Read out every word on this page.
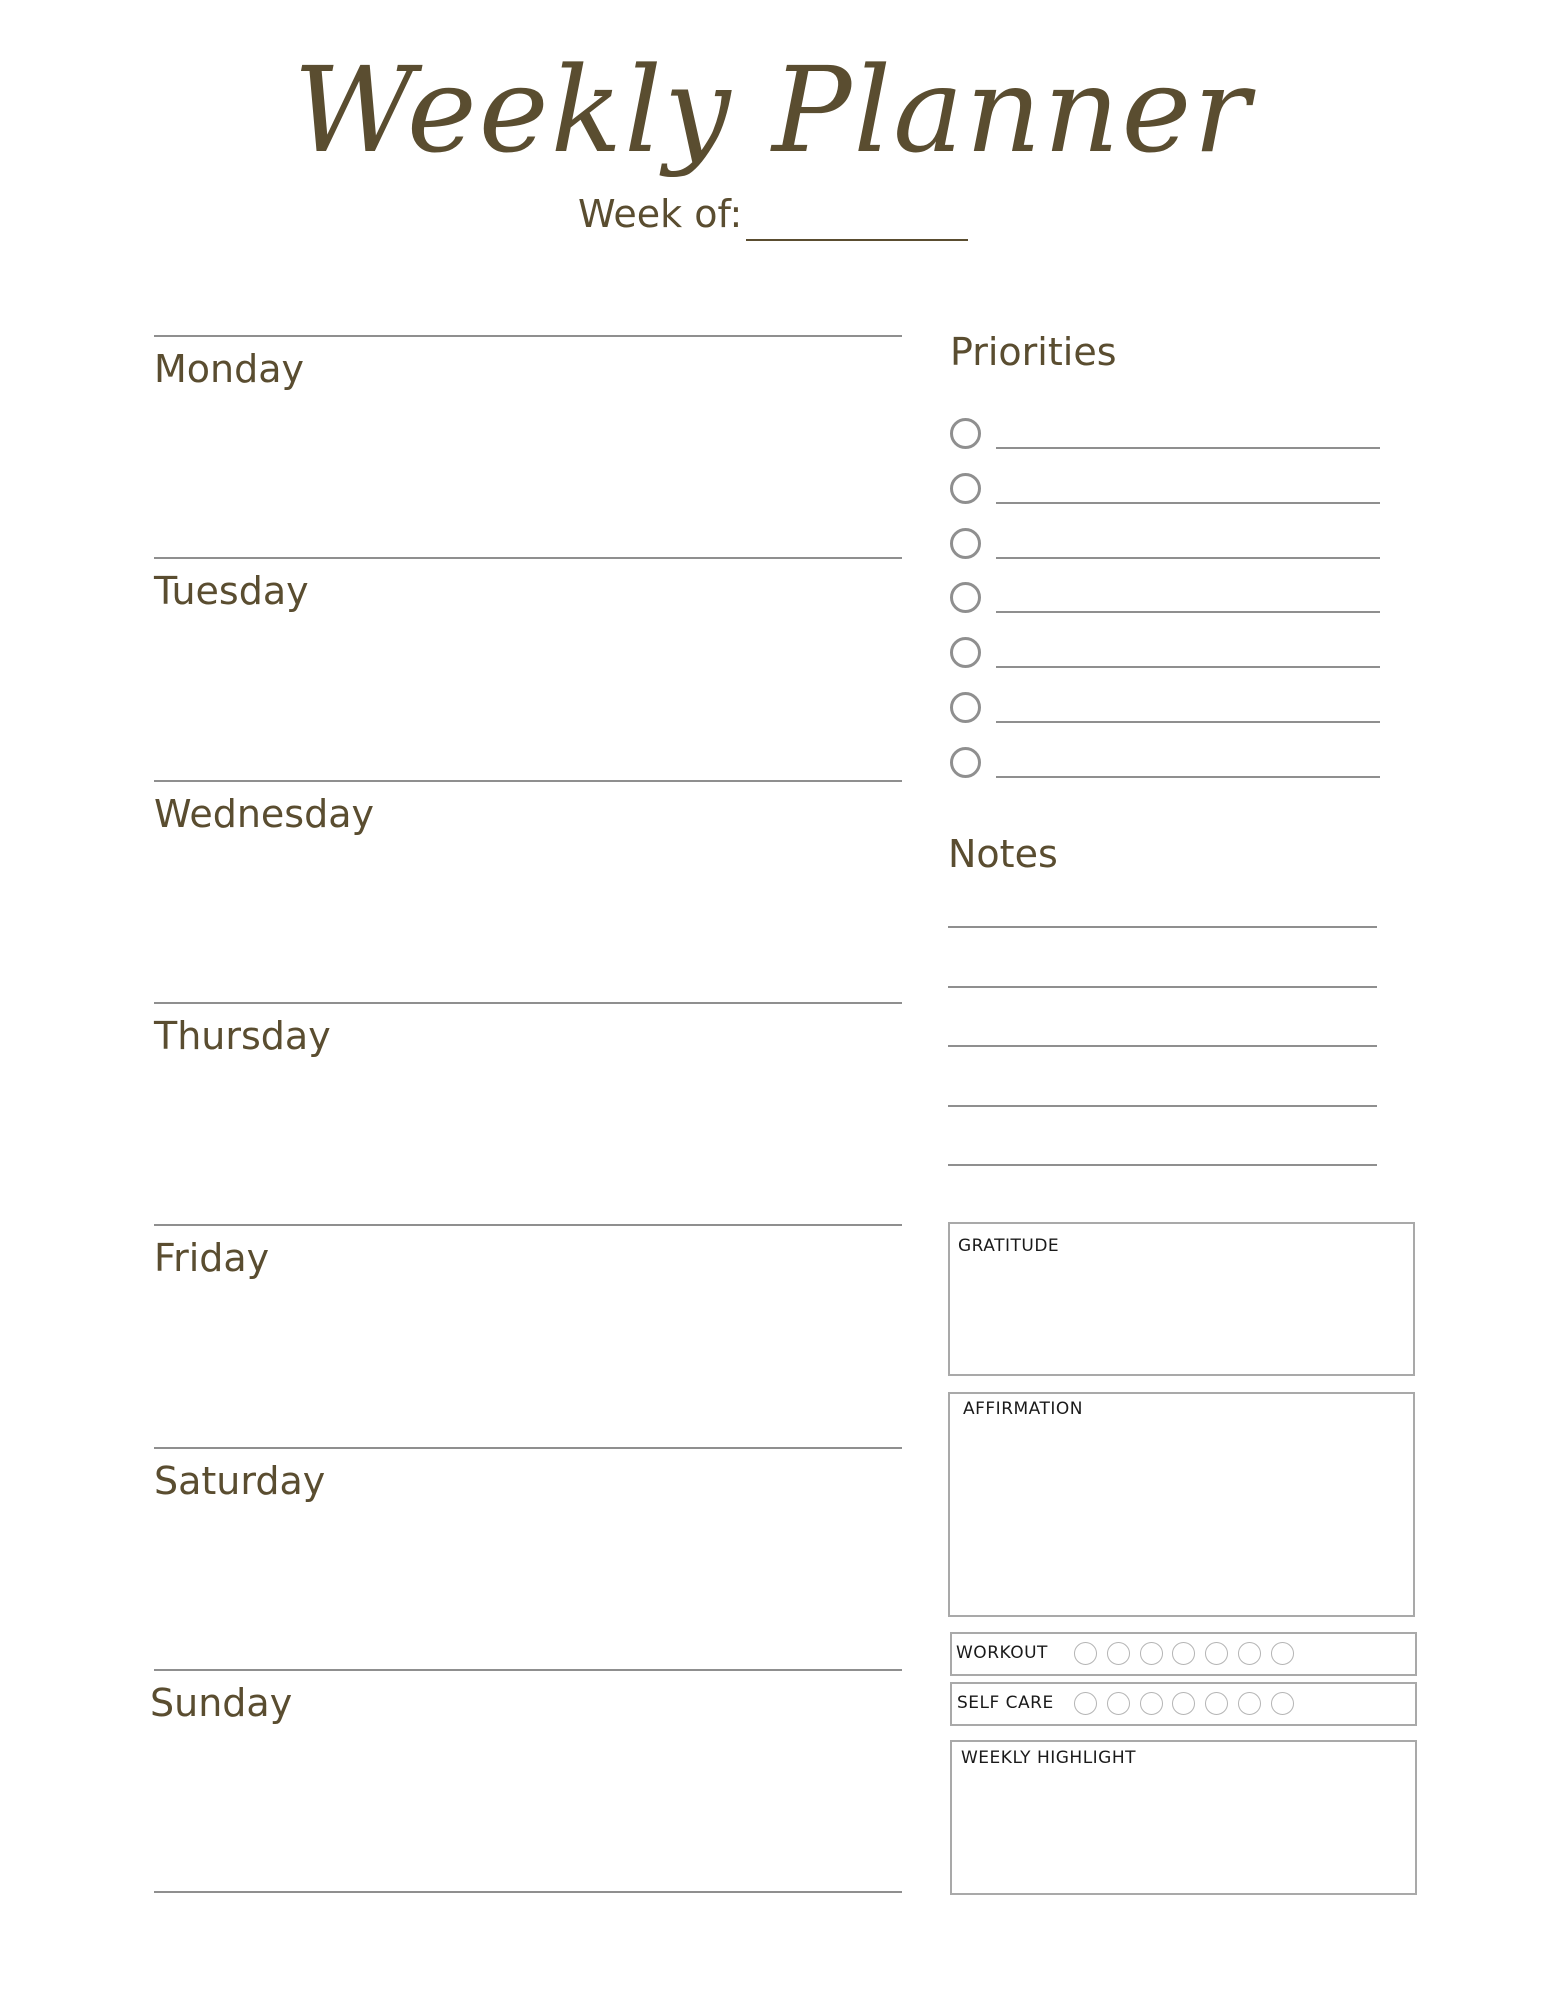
Weekly Planner
Week of:
Monday
Tuesday
Wednesday
Thursday
Friday
Saturday
Sunday
Priorities
Notes
GRATITUDE
AFFIRMATION
WORKOUT
SELF CARE
WEEKLY HIGHLIGHT
